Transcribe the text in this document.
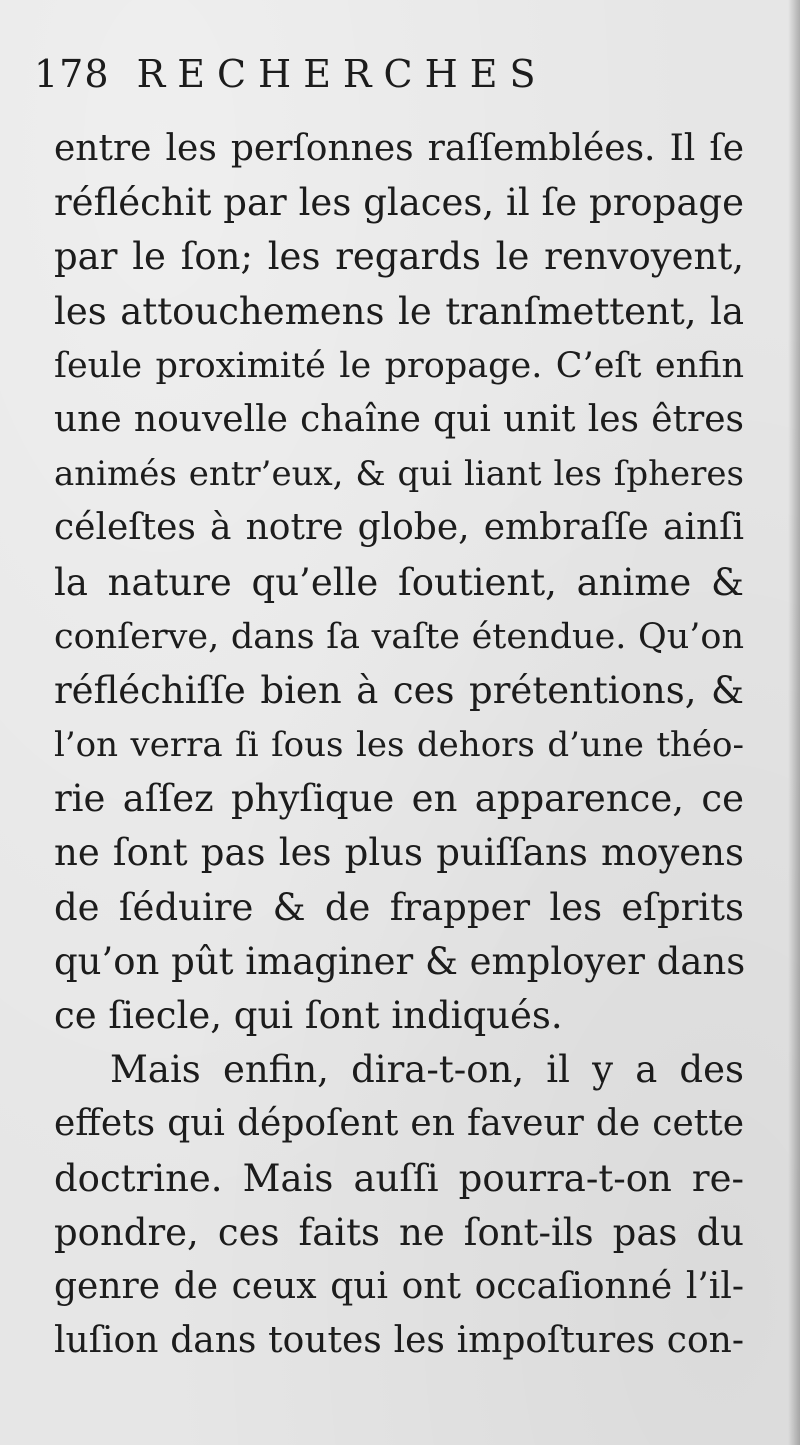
178 RECHERCHES
entre les perſonnes raſſemblées. Il ſe
réfléchit par les glaces, il ſe propage
par le ſon; les regards le renvoyent,
les attouchemens le tranſmettent, la
ſeule proximité le propage. C’eſt enfin
une nouvelle chaîne qui unit les êtres
animés entr’eux, & qui liant les ſpheres
céleſtes à notre globe, embraſſe ainſi
la nature qu’elle ſoutient, anime &
conſerve, dans ſa vaſte étendue. Qu’on
réfléchiſſe bien à ces prétentions, &
l’on verra ſi ſous les dehors d’une théo-
rie aſſez phyſique en apparence, ce
ne ſont pas les plus puiſſans moyens
de ſéduire & de frapper les eſprits
qu’on pût imaginer & employer dans
ce ſiecle, qui ſont indiqués.
Mais enfin, dira-t-on, il y a des
effets qui dépoſent en faveur de cette
doctrine. Mais auſſi pourra-t-on re-
pondre, ces faits ne ſont-ils pas du
genre de ceux qui ont occaſionné l’il-
luſion dans toutes les impoſtures con-
